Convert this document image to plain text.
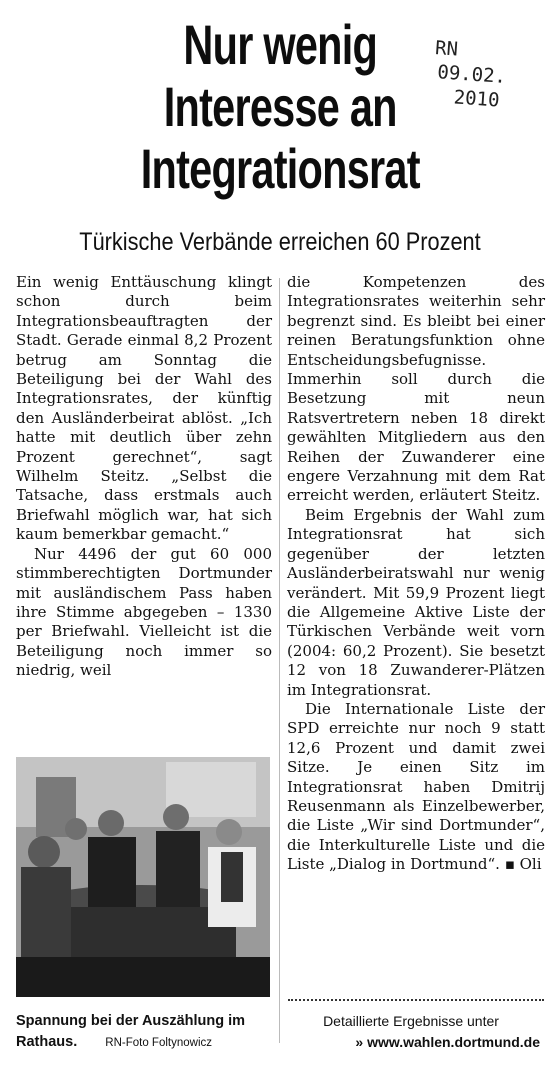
Nur wenig
Interesse an
Integrationsrat
RN
09.02.
2010
Türkische Verbände erreichen 60 Prozent

Ein wenig Enttäuschung klingt schon durch beim Integrationsbeauftragten der Stadt. Gerade einmal 8,2 Prozent betrug am Sonntag die Beteiligung bei der Wahl des Integrationsrates, der künftig den Ausländerbeirat ablöst. „Ich hatte mit deutlich über zehn Prozent gerechnet“, sagt Wilhelm Steitz. „Selbst die Tatsache, dass erstmals auch Briefwahl möglich war, hat sich kaum bemerkbar gemacht.“

Nur 4496 der gut 60 000 stimmberechtigten Dortmunder mit ausländischem Pass haben ihre Stimme abgegeben – 1330 per Briefwahl. Vielleicht ist die Beteiligung noch immer so niedrig, weil

die Kompetenzen des Integrationsrates weiterhin sehr begrenzt sind. Es bleibt bei einer reinen Beratungsfunktion ohne Entscheidungsbefugnisse. Immerhin soll durch die Besetzung mit neun Ratsvertretern neben 18 direkt gewählten Mitgliedern aus den Reihen der Zuwanderer eine engere Verzahnung mit dem Rat erreicht werden, erläutert Steitz.

Beim Ergebnis der Wahl zum Integrationsrat hat sich gegenüber der letzten Ausländerbeiratswahl nur wenig verändert. Mit 59,9 Prozent liegt die Allgemeine Aktive Liste der Türkischen Verbände weit vorn (2004: 60,2 Prozent). Sie besetzt 12 von 18 Zuwanderer-Plätzen im Integrationsrat.

Die Internationale Liste der SPD erreichte nur noch 9 statt 12,6 Prozent und damit zwei Sitze. Je einen Sitz im Integrationsrat haben Dmitrij Reusenmann als Einzelbewerber, die Liste „Wir sind Dortmunder“, die Interkulturelle Liste und die Liste „Dialog in Dortmund“. ▪ Oli

Spannung bei der Auszählung im Rathaus. RN-Foto Foltynowicz
Detaillierte Ergebnisse unter
» www.wahlen.dortmund.de
